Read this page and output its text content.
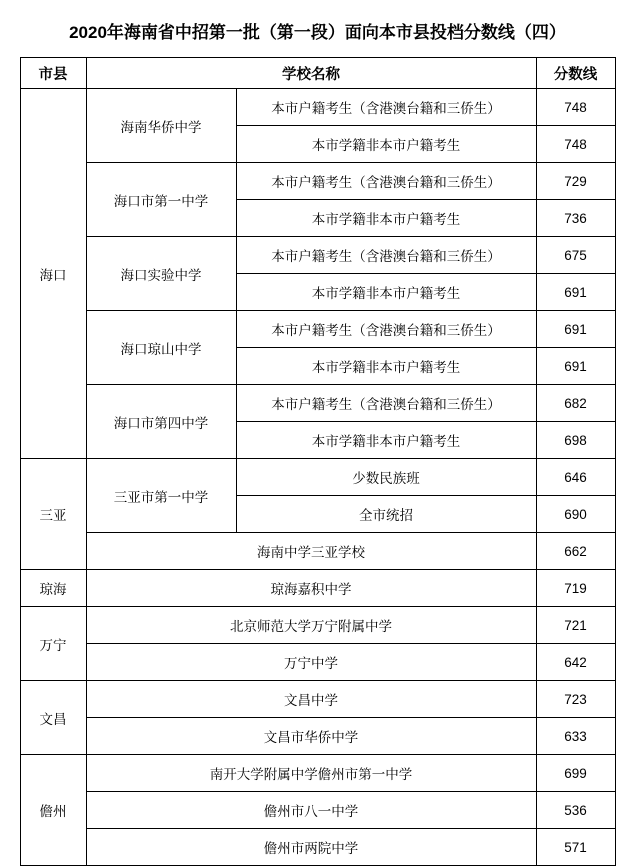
2020年海南省中招第一批（第一段）面向本市县投档分数线（四）
市县	学校名称		分数线
海口	海南华侨中学	本市户籍考生（含港澳台籍和三侨生）	748
		本市学籍非本市户籍考生	748
	海口市第一中学	本市户籍考生（含港澳台籍和三侨生）	729
		本市学籍非本市户籍考生	736
	海口实验中学	本市户籍考生（含港澳台籍和三侨生）	675
		本市学籍非本市户籍考生	691
	海口琼山中学	本市户籍考生（含港澳台籍和三侨生）	691
		本市学籍非本市户籍考生	691
	海口市第四中学	本市户籍考生（含港澳台籍和三侨生）	682
		本市学籍非本市户籍考生	698
三亚	三亚市第一中学	少数民族班	646
		全市统招	690
	海南中学三亚学校		662
琼海	琼海嘉积中学		719
万宁	北京师范大学万宁附属中学		721
	万宁中学		642
文昌	文昌中学		723
	文昌市华侨中学		633
儋州	南开大学附属中学儋州市第一中学		699
	儋州市八一中学		536
	儋州市两院中学		571
